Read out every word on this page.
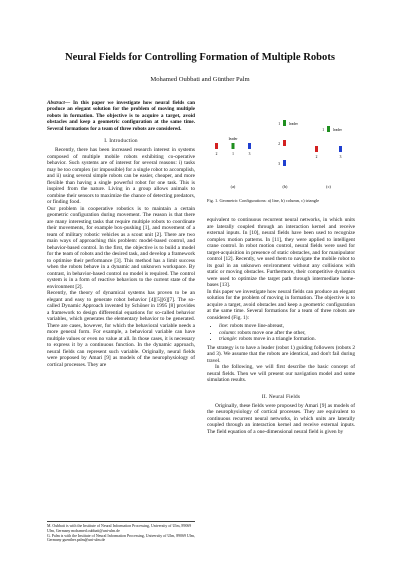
Neural Fields for Controlling Formation of Multiple Robots
Mohamed Oubbati and Günther Palm

Abstract— In this paper we investigate how neural fields can produce an elegant solution for the problem of moving multiple robots in formation. The objective is to acquire a target, avoid obstacles and keep a geometric configuration at the same time. Several formations for a team of three robots are considered.

I. Introduction

Recently, there has been increased research interest in systems composed of multiple mobile robots exhibiting co-operative behavior. Such systems are of interest for several reasons: i) tasks may be too complex (or impossible) for a single robot to accomplish, and ii) using several simple robots can be easier, cheaper, and more flexible than having a single powerful robot for one task. This is inspired from the nature. Living in a group allows animals to combine their sensors to maximize the chance of detecting predators, or finding food.

Our problem in cooperative robotics is to maintain a certain geometric configuration during movement. The reason is that there are many interesting tasks that require multiple robots to coordinate their movements, for example box-pushing [1], and movement of a team of military robotic vehicles as a scout unit [2]. There are two main ways of approaching this problem: model-based control, and behavior-based control. In the first, the objective is to build a model for the team of robots and the desired task, and develop a framework to optimise their performance [3]. This method has a limit success when the robots behave in a dynamic and unknown workspace. By contrast, in behavior-based control no model is required. The control system is in a form of reactive behaviors to the current state of the environment [2].

Recently, the theory of dynamical systems has proven to be an elegant and easy to generate robot behavior [4][5][6][7]. The so-called Dynamic Approach invented by Schöner in 1995 [8] provides a framework to design differential equations for so-called behavior variables, which generates the elementary behavior to be generated. There are cases, however, for which the behavioral variable needs a more general form. For example, a behavioral variable can have multiple values or even no value at all. In those cases, it is necessary to express it by a continuous function. In the dynamic approach, neural fields can represent such variable. Originally, neural fields were proposed by Amari [9] as models of the neurophysiology of cortical processes. They are

M. Oubbati is with the Institute of Neural Information Processing, University of Ulm, 89069 Ulm, Germany mohamed.oubbati@uni-ulm.de
G. Palm is with the Institute of Neural Information Processing, University of Ulm, 89069 Ulm, Germany guenther.palm@uni-ulm.de
leader
2	1	3
(a)
1	leader
2
3
(b)
1	leader
2	3
(c)
Fig. 1. Geometric Configurations: a) line, b) column, c) triangle

equivalent to continuous recurrent neural networks, in which units are laterally coupled through an interaction kernel and receive external inputs. In [10], neural fields have been used to recognize complex motion patterns. In [11], they were applied to intelligent crane control. In robot motion control, neural fields were used for target-acquisition in presence of static obstacles, and for manipulator control [12]. Recently, we used them to navigate the mobile robot to its goal in an unknown environment without any collisions with static or moving obstacles. Furthermore, their competitive dynamics were used to optimize the target path through intermediate home-bases [13].

In this paper we investigate how neural fields can produce an elegant solution for the problem of moving in formation. The objective is to acquire a target, avoid obstacles and keep a geometric configuration at the same time. Several formations for a team of three robots are considered (Fig. 1):

• line: robots move line-abreast,
• column: robots move one after the other,
• triangle: robots move in a triangle formation.

The strategy is to have a leader (robot 1) guiding followers (robots 2 and 3). We assume that the robots are identical, and don't fail during travel.

In the following, we will first describe the basic concept of neural fields. Then we will present our navigation model and some simulation results.

II. Neural Fields

Originally, these fields were proposed by Amari [9] as models of the neurophysiology of cortical processes. They are equivalent to continuous recurrent neural networks, in which units are laterally coupled through an interaction kernel and receive external inputs. The field equation of a one-dimensional neural field is given by
